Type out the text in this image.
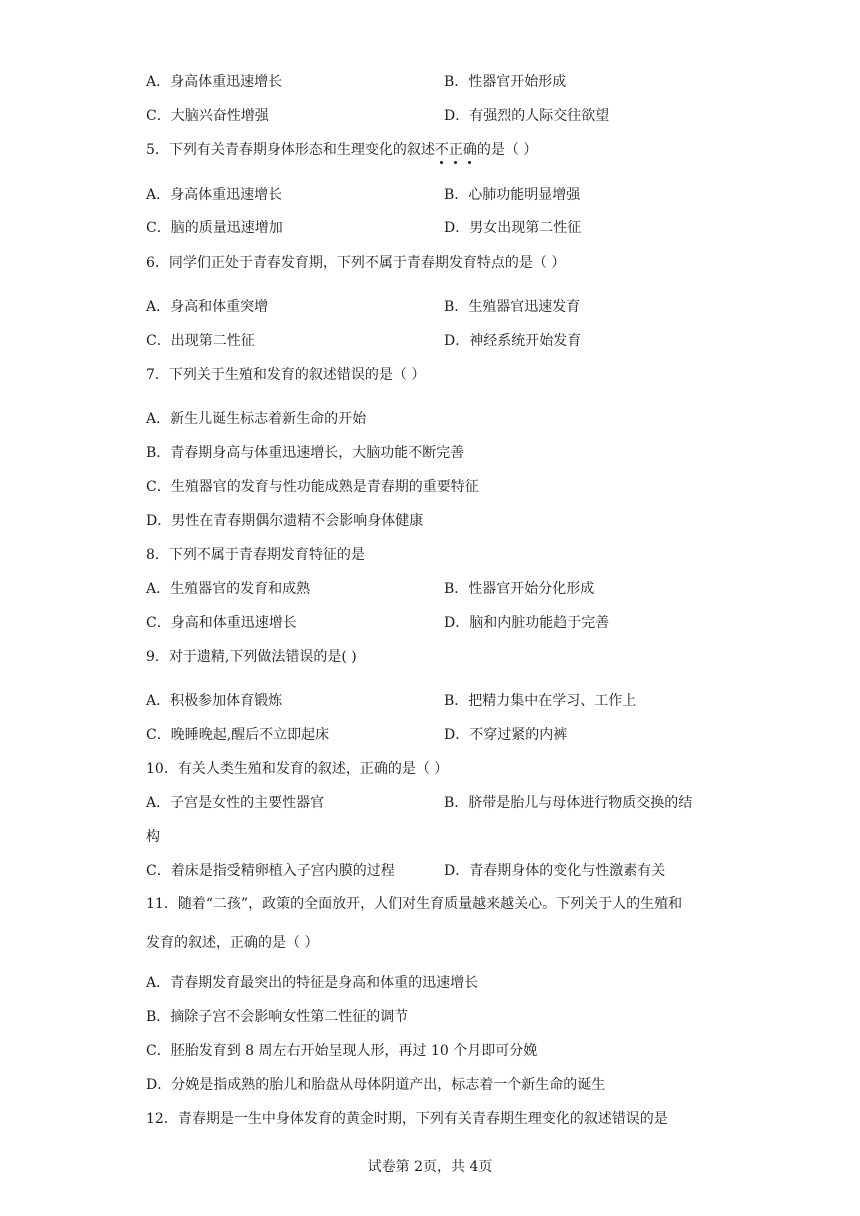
A．身高体重迅速增长	B．性器官开始形成
C．大脑兴奋性增强	D．有强烈的人际交往欲望
5．下列有关青春期身体形态和生理变化的叙述不正确的是（ ）
A．身高体重迅速增长	B．心肺功能明显增强
C．脑的质量迅速增加	D．男女出现第二性征
6．同学们正处于青春发育期，下列不属于青春期发育特点的是（ ）
A．身高和体重突增	B．生殖器官迅速发育
C．出现第二性征	D．神经系统开始发育
7．下列关于生殖和发育的叙述错误的是（ ）
A．新生儿诞生标志着新生命的开始
B．青春期身高与体重迅速增长，大脑功能不断完善
C．生殖器官的发育与性功能成熟是青春期的重要特征
D．男性在青春期偶尔遗精不会影响身体健康
8．下列不属于青春期发育特征的是
A．生殖器官的发育和成熟	B．性器官开始分化形成
C．身高和体重迅速增长	D．脑和内脏功能趋于完善
9．对于遗精,下列做法错误的是( )
A．积极参加体育锻炼	B．把精力集中在学习、工作上
C．晚睡晚起,醒后不立即起床	D．不穿过紧的内裤
10．有关人类生殖和发育的叙述，正确的是（ ）
A．子宫是女性的主要性器官	B．脐带是胎儿与母体进行物质交换的结
构
C．着床是指受精卵植入子宫内膜的过程	D．青春期身体的变化与性激素有关
11．随着“二孩”，政策的全面放开，人们对生育质量越来越关心。下列关于人的生殖和
发育的叙述，正确的是（ ）
A．青春期发育最突出的特征是身高和体重的迅速增长
B．摘除子宫不会影响女性第二性征的调节
C．胚胎发育到 8 周左右开始呈现人形，再过 10 个月即可分娩
D．分娩是指成熟的胎儿和胎盘从母体阴道产出，标志着一个新生命的诞生
12．青春期是一生中身体发育的黄金时期，下列有关青春期生理变化的叙述错误的是
试卷第 2页，共 4页
